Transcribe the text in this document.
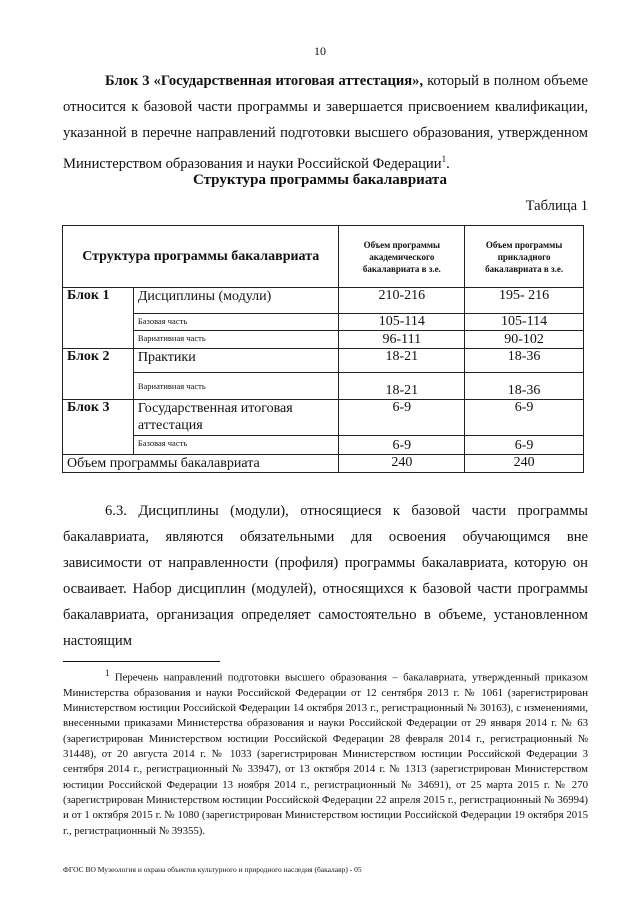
10
Блок 3 «Государственная итоговая аттестация», который в полном объеме относится к базовой части программы и завершается присвоением квалификации, указанной в перечне направлений подготовки высшего образования, утвержденном Министерством образования и науки Российской Федерации$^1$.
Структура программы бакалавриата
Таблица 1
Структура программы бакалавриата		Объем программы академического бакалавриата в з.е.	Объем программы прикладного бакалавриата в з.е.
Блок 1	Дисциплины (модули)	210-216	195- 216
	Базовая часть	105-114	105-114
	Вариативная часть	96-111	90-102
Блок 2	Практики	18-21	18-36
	Вариативная часть	18-21	18-36
Блок 3	Государственная итоговая аттестация	6-9	6-9
	Базовая часть	6-9	6-9
Объем программы бакалавриата		240	240
6.3. Дисциплины (модули), относящиеся к базовой части программы
бакалавриата, являются обязательными для освоения обучающимся вне зависимости от направленности (профиля) программы бакалавриата, которую он осваивает. Набор дисциплин (модулей), относящихся к базовой части программы бакалавриата, организация определяет самостоятельно в объеме, установленном настоящим
$^1$ Перечень направлений подготовки высшего образования – бакалавриата, утвержденный приказом Министерства образования и науки Российской Федерации от 12 сентября 2013 г. № 1061 (зарегистрирован Министерством юстиции Российской Федерации 14 октября 2013 г., регистрационный № 30163), с изменениями, внесенными приказами Министерства образования и науки Российской Федерации от 29 января 2014 г. № 63 (зарегистрирован Министерством юстиции Российской Федерации 28 февраля 2014 г., регистрационный № 31448), от 20 августа 2014 г. № 1033 (зарегистрирован Министерством юстиции Российской Федерации 3 сентября 2014 г., регистрационный № 33947), от 13 октября 2014 г. № 1313 (зарегистрирован Министерством юстиции Российской Федерации 13 ноября 2014 г., регистрационный № 34691), от 25 марта 2015 г. № 270 (зарегистрирован Министерством юстиции Российской Федерации 22 апреля 2015 г., регистрационный № 36994) и от 1 октября 2015 г. № 1080 (зарегистрирован Министерством юстиции Российской Федерации 19 октября 2015 г., регистрационный № 39355).
ФГОС ВО Музеология и охрана объектов культурного и природного наследия (бакалавр) - 05
